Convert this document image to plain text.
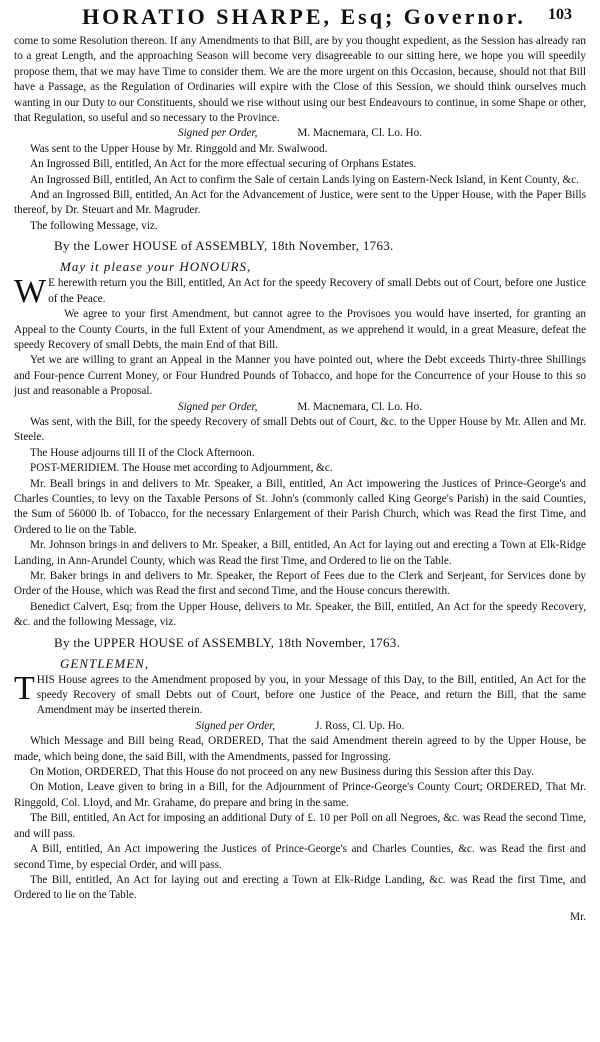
HORATIO SHARPE, Esq; Governor.	103

come to some Resolution thereon. If any Amendments to that Bill, are by you thought expedient, as the Session has already ran to a great Length, and the approaching Season will become very disagreeable to our sitting here, we hope you will speedily propose them, that we may have Time to consider them. We are the more urgent on this Occasion, because, should not that Bill have a Passage, as the Regulation of Ordinaries will expire with the Close of this Session, we should think ourselves much wanting in our Duty to our Constituents, should we rise without using our best Endeavours to continue, in some Shape or other, that Regulation, so useful and so necessary to the Province.

Signed per Order,	M. Macnemara, Cl. Lo. Ho.

Was sent to the Upper House by Mr. Ringgold and Mr. Swalwood.

An Ingrossed Bill, entitled, An Act for the more effectual securing of Orphans Estates.

An Ingrossed Bill, entitled, An Act to confirm the Sale of certain Lands lying on Eastern-Neck Island, in Kent County, &c.

And an Ingrossed Bill, entitled, An Act for the Advancement of Justice, were sent to the Upper House, with the Paper Bills thereof, by Dr. Steuart and Mr. Magruder.

The following Message, viz.

By the Lower HOUSE of ASSEMBLY, 18th November, 1763.

May it please your HONOURS,

W E herewith return you the Bill, entitled, An Act for the speedy Recovery of small Debts out of Court, before one Justice of the Peace.

We agree to your first Amendment, but cannot agree to the Provisoes you would have inserted, for granting an Appeal to the County Courts, in the full Extent of your Amendment, as we apprehend it would, in a great Measure, defeat the speedy Recovery of small Debts, the main End of that Bill.

Yet we are willing to grant an Appeal in the Manner you have pointed out, where the Debt exceeds Thirty-three Shillings and Four-pence Current Money, or Four Hundred Pounds of Tobacco, and hope for the Concurrence of your House to this so just and reasonable a Proposal.

Signed per Order,	M. Macnemara, Cl. Lo. Ho.

Was sent, with the Bill, for the speedy Recovery of small Debts out of Court, &c. to the Upper House by Mr. Allen and Mr. Steele.

The House adjourns till II of the Clock Afternoon.

POST-MERIDIEM. The House met according to Adjournment, &c.

Mr. Beall brings in and delivers to Mr. Speaker, a Bill, entitled, An Act impowering the Justices of Prince-George's and Charles Counties, to levy on the Taxable Persons of St. John's (commonly called King George's Parish) in the said Counties, the Sum of 56000 lb. of Tobacco, for the necessary Enlargement of their Parish Church, which was Read the first Time, and Ordered to lie on the Table.

Mr. Johnson brings in and delivers to Mr. Speaker, a Bill, entitled, An Act for laying out and erecting a Town at Elk-Ridge Landing, in Ann-Arundel County, which was Read the first Time, and Ordered to lie on the Table.

Mr. Baker brings in and delivers to Mr. Speaker, the Report of Fees due to the Clerk and Serjeant, for Services done by Order of the House, which was Read the first and second Time, and the House concurs therewith.

Benedict Calvert, Esq; from the Upper House, delivers to Mr. Speaker, the Bill, entitled, An Act for the speedy Recovery, &c. and the following Message, viz.

By the UPPER HOUSE of ASSEMBLY, 18th November, 1763.

GENTLEMEN,

THIS House agrees to the Amendment proposed by you, in your Message of this Day, to the Bill, entitled, An Act for the speedy Recovery of small Debts out of Court, before one Justice of the Peace, and return the Bill, that the same Amendment may be inserted therein.

Signed per Order,	J. Ross, Cl. Up. Ho.

Which Message and Bill being Read, ORDERED, That the said Amendment therein agreed to by the Upper House, be made, which being done, the said Bill, with the Amendments, passed for Ingrossing.

On Motion, ORDERED, That this House do not proceed on any new Business during this Session after this Day.

On Motion, Leave given to bring in a Bill, for the Adjournment of Prince-George's County Court; ORDERED, That Mr. Ringgold, Col. Lloyd, and Mr. Grahame, do prepare and bring in the same.

The Bill, entitled, An Act for imposing an additional Duty of £. 10 per Poll on all Negroes, &c. was Read the second Time, and will pass.

A Bill, entitled, An Act impowering the Justices of Prince-George's and Charles Counties, &c. was Read the first and second Time, by especial Order, and will pass.

The Bill, entitled, An Act for laying out and erecting a Town at Elk-Ridge Landing, &c. was Read the first Time, and Ordered to lie on the Table.

Mr.
